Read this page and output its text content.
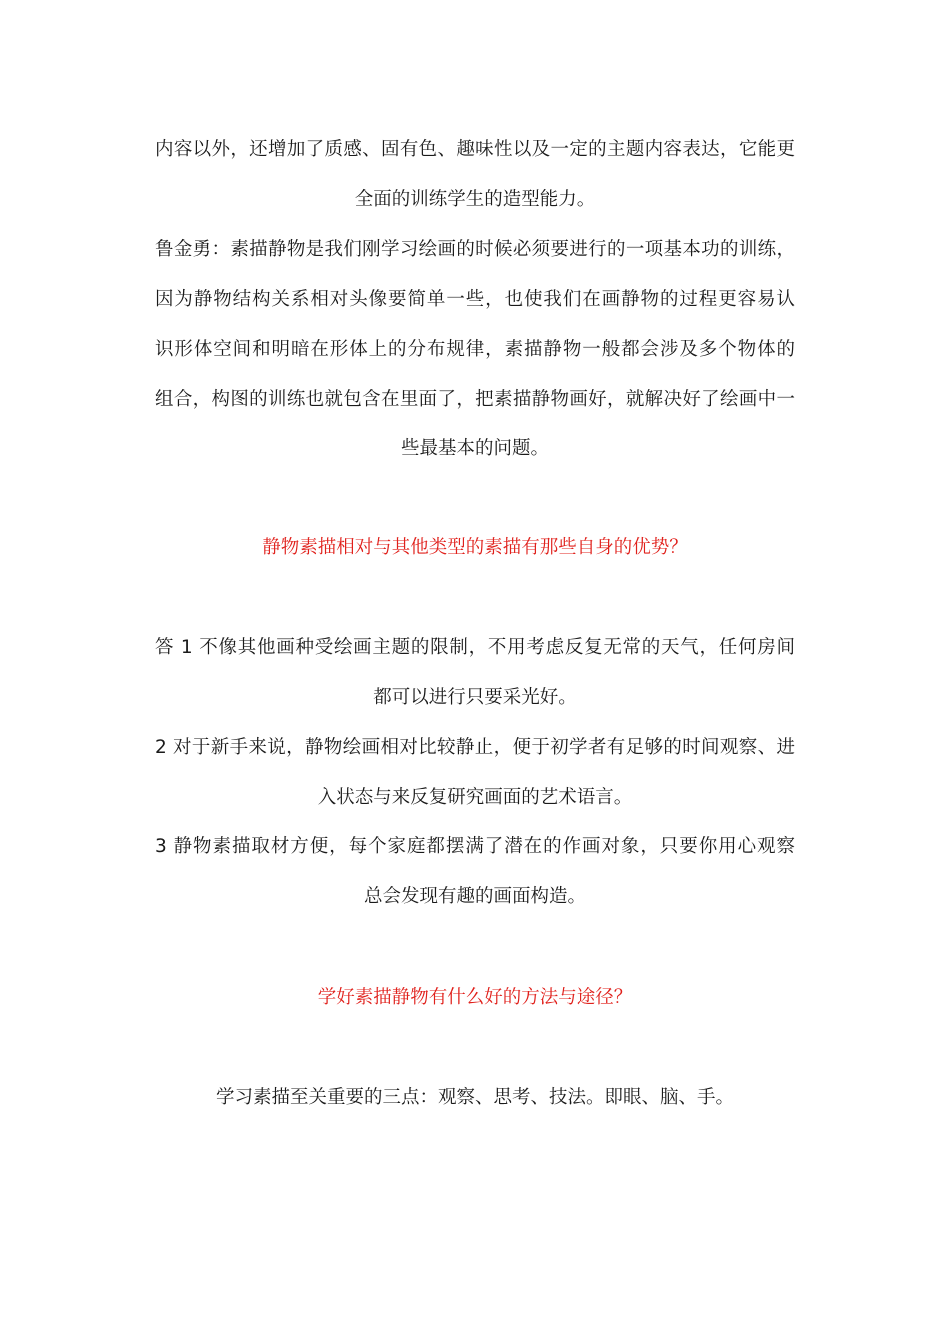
内容以外，还增加了质感、固有色、趣味性以及一定的主题内容表达，它能更
全面的训练学生的造型能力。
鲁金勇：素描静物是我们刚学习绘画的时候必须要进行的一项基本功的训练，
因为静物结构关系相对头像要简单一些，也使我们在画静物的过程更容易认
识形体空间和明暗在形体上的分布规律，素描静物一般都会涉及多个物体的
组合，构图的训练也就包含在里面了，把素描静物画好，就解决好了绘画中一
些最基本的问题。
静物素描相对与其他类型的素描有那些自身的优势？
答 1 不像其他画种受绘画主题的限制，不用考虑反复无常的天气，任何房间
都可以进行只要采光好。
2 对于新手来说，静物绘画相对比较静止，便于初学者有足够的时间观察、进
入状态与来反复研究画面的艺术语言。
3 静物素描取材方便，每个家庭都摆满了潜在的作画对象，只要你用心观察
总会发现有趣的画面构造。
学好素描静物有什么好的方法与途径？
学习素描至关重要的三点：观察、思考、技法。即眼、脑、手。
